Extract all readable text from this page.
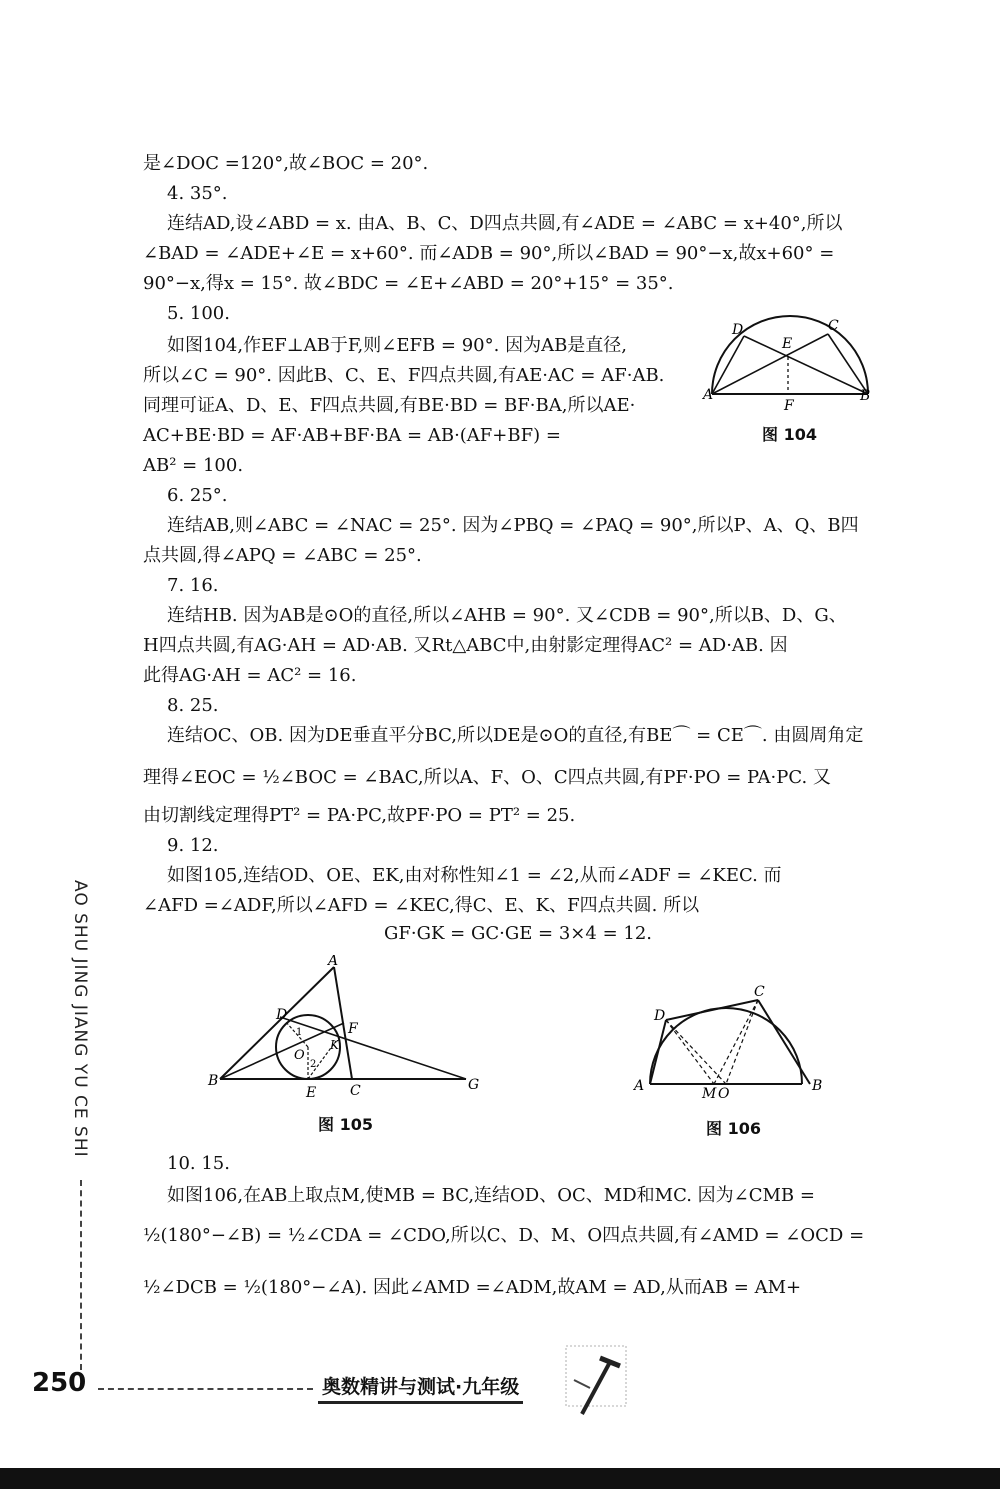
是∠DOC =120°,故∠BOC = 20°.
4. 35°.
连结AD,设∠ABD = x. 由A、B、C、D四点共圆,有∠ADE = ∠ABC = x+40°,所以
∠BAD = ∠ADE+∠E = x+60°. 而∠ADB = 90°,所以∠BAD = 90°−x,故x+60° =
90°−x,得x = 15°. 故∠BDC = ∠E+∠ABD = 20°+15° = 35°.
5. 100.
如图104,作EF⊥AB于F,则∠EFB = 90°. 因为AB是直径,
所以∠C = 90°. 因此B、C、E、F四点共圆,有AE·AC = AF·AB.
同理可证A、D、E、F四点共圆,有BE·BD = BF·BA,所以AE·
AC+BE·BD = AF·AB+BF·BA = AB·(AF+BF) =
AB² = 100.
A	B
C
D
E
F
图 104
6. 25°.
连结AB,则∠ABC = ∠NAC = 25°. 因为∠PBQ = ∠PAQ = 90°,所以P、A、Q、B四
点共圆,得∠APQ = ∠ABC = 25°.
7. 16.
连结HB. 因为AB是⊙O的直径,所以∠AHB = 90°. 又∠CDB = 90°,所以B、D、G、
H四点共圆,有AG·AH = AD·AB. 又Rt△ABC中,由射影定理得AC² = AD·AB. 因
此得AG·AH = AC² = 16.
8. 25.
连结OC、OB. 因为DE垂直平分BC,所以DE是⊙O的直径,有BE⌒ = CE⌒. 由圆周角定
理得∠EOC = ½∠BOC = ∠BAC,所以A、F、O、C四点共圆,有PF·PO = PA·PC. 又
由切割线定理得PT² = PA·PC,故PF·PO = PT² = 25.
9. 12.
如图105,连结OD、OE、EK,由对称性知∠1 = ∠2,从而∠ADF = ∠KEC. 而
∠AFD =∠ADF,所以∠AFD = ∠KEC,得C、E、K、F四点共圆. 所以
GF·GK = GC·GE = 3×4 = 12.
A
B
C
D
E
F
G
O
K
1
2
图 105
A	B
C
D
M O
图 106
10. 15.
如图106,在AB上取点M,使MB = BC,连结OD、OC、MD和MC. 因为∠CMB =
½(180°−∠B) = ½∠CDA = ∠CDO,所以C、D、M、O四点共圆,有∠AMD = ∠OCD =
½∠DCB = ½(180°−∠A). 因此∠AMD =∠ADM,故AM = AD,从而AB = AM+
AO SHU JING JIANG YU CE SHI
250	奥数精讲与测试·九年级
